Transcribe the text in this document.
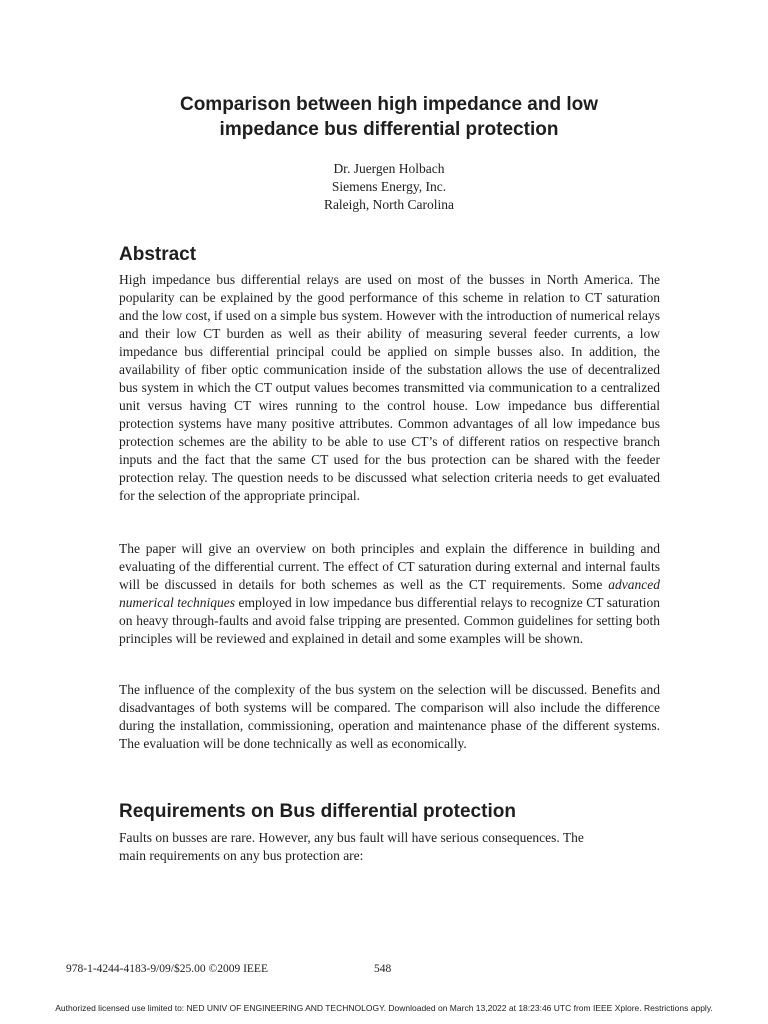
Comparison between high impedance and low
impedance bus differential protection
Dr. Juergen Holbach
Siemens Energy, Inc.
Raleigh, North Carolina
Abstract

High impedance bus differential relays are used on most of the busses in North America. The popularity can be explained by the good performance of this scheme in relation to CT saturation and the low cost, if used on a simple bus system. However with the introduction of numerical relays and their low CT burden as well as their ability of measuring several feeder currents, a low impedance bus differential principal could be applied on simple busses also. In addition, the availability of fiber optic communication inside of the substation allows the use of decentralized bus system in which the CT output values becomes transmitted via communication to a centralized unit versus having CT wires running to the control house. Low impedance bus differential protection systems have many positive attributes. Common advantages of all low impedance bus protection schemes are the ability to be able to use CT’s of different ratios on respective branch inputs and the fact that the same CT used for the bus protection can be shared with the feeder protection relay. The question needs to be discussed what selection criteria needs to get evaluated for the selection of the appropriate principal.

The paper will give an overview on both principles and explain the difference in building and evaluating of the differential current. The effect of CT saturation during external and internal faults will be discussed in details for both schemes as well as the CT requirements. Some advanced numerical techniques employed in low impedance bus differential relays to recognize CT saturation on heavy through-faults and avoid false tripping are presented. Common guidelines for setting both principles will be reviewed and explained in detail and some examples will be shown.

The influence of the complexity of the bus system on the selection will be discussed. Benefits and disadvantages of both systems will be compared. The comparison will also include the difference during the installation, commissioning, operation and maintenance phase of the different systems. The evaluation will be done technically as well as economically.

Requirements on Bus differential protection

Faults on busses are rare. However, any bus fault will have serious consequences. The
main requirements on any bus protection are:

978-1-4244-4183-9/09/$25.00 ©2009 IEEE	548
Authorized licensed use limited to: NED UNIV OF ENGINEERING AND TECHNOLOGY. Downloaded on March 13,2022 at 18:23:46 UTC from IEEE Xplore. Restrictions apply.
